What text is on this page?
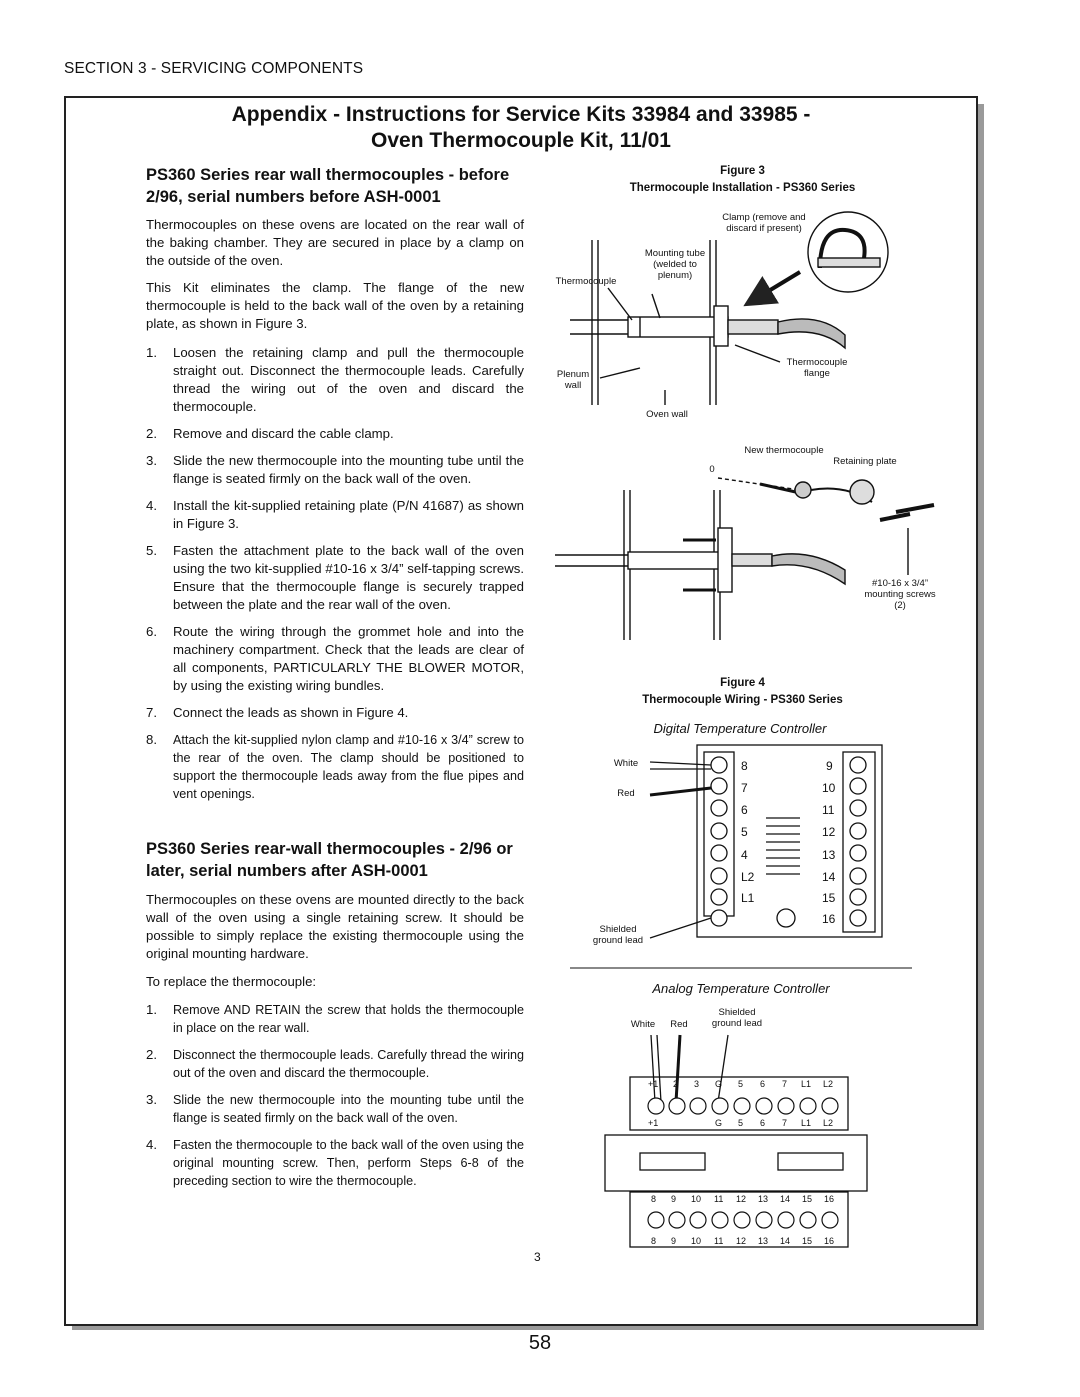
SECTION 3 - SERVICING COMPONENTS
Appendix - Instructions for Service Kits 33984 and 33985 -
Oven Thermocouple Kit, 11/01
PS360 Series rear wall thermocouples - before 2/96, serial numbers before ASH-0001
Thermocouples on these ovens are located on the rear wall of the baking chamber. They are secured in place by a clamp on the outside of the oven.
This Kit eliminates the clamp. The flange of the new thermocouple is held to the back wall of the oven by a retaining plate, as shown in Figure 3.
1. Loosen the retaining clamp and pull the thermocouple straight out. Disconnect the thermocouple leads. Carefully thread the wiring out of the oven and discard the thermocouple.
2. Remove and discard the cable clamp.
3. Slide the new thermocouple into the mounting tube until the flange is seated firmly on the back wall of the oven.
4. Install the kit-supplied retaining plate (P/N 41687) as shown in Figure 3.
5. Fasten the attachment plate to the back wall of the oven using the two kit-supplied #10-16 x 3/4” self-tapping screws. Ensure that the thermocouple flange is securely trapped between the plate and the rear wall of the oven.
6. Route the wiring through the grommet hole and into the machinery compartment. Check that the leads are clear of all components, PARTICULARLY THE BLOWER MOTOR, by using the existing wiring bundles.
7. Connect the leads as shown in Figure 4.
8. Attach the kit-supplied nylon clamp and #10-16 x 3/4” screw to the rear of the oven. The clamp should be positioned to support the thermocouple leads away from the flue pipes and vent openings.
PS360 Series rear-wall thermocouples - 2/96 or later, serial numbers after ASH-0001
Thermocouples on these ovens are mounted directly to the back wall of the oven using a single retaining screw. It should be possible to simply replace the existing thermocouple using the original mounting hardware.
To replace the thermocouple:
1. Remove AND RETAIN the screw that holds the thermocouple in place on the rear wall.
2. Disconnect the thermocouple leads. Carefully thread the wiring out of the oven and discard the thermocouple.
3. Slide the new thermocouple into the mounting tube until the flange is seated firmly on the back wall of the oven.
4. Fasten the thermocouple to the back wall of the oven using the original mounting screw. Then, perform Steps 6-8 of the preceding section to wire the thermocouple.
Figure 3
Thermocouple Installation - PS360 Series
Clamp (remove and discard if present)
Mounting tube (welded to plenum)
Thermocouple
Plenum wall
Thermocouple flange
Oven wall
New thermocouple
Retaining plate
0
#10-16 x 3/4” mounting screws (2)
Figure 4
Thermocouple Wiring - PS360 Series
Digital Temperature Controller
White
Red
Shielded ground lead
Analog Temperature Controller
White	Red
Shielded ground lead
3
58
8
7
6
5
4
L2
L1
9
10
11
12
13
14
15
16
+1 2 3 G 5 6 7 L1 L2
+1	G 5 6 7 L1 L2
8 9 10 11 12 13 14 15 16
8 9 10 11 12 13 14 15 16
